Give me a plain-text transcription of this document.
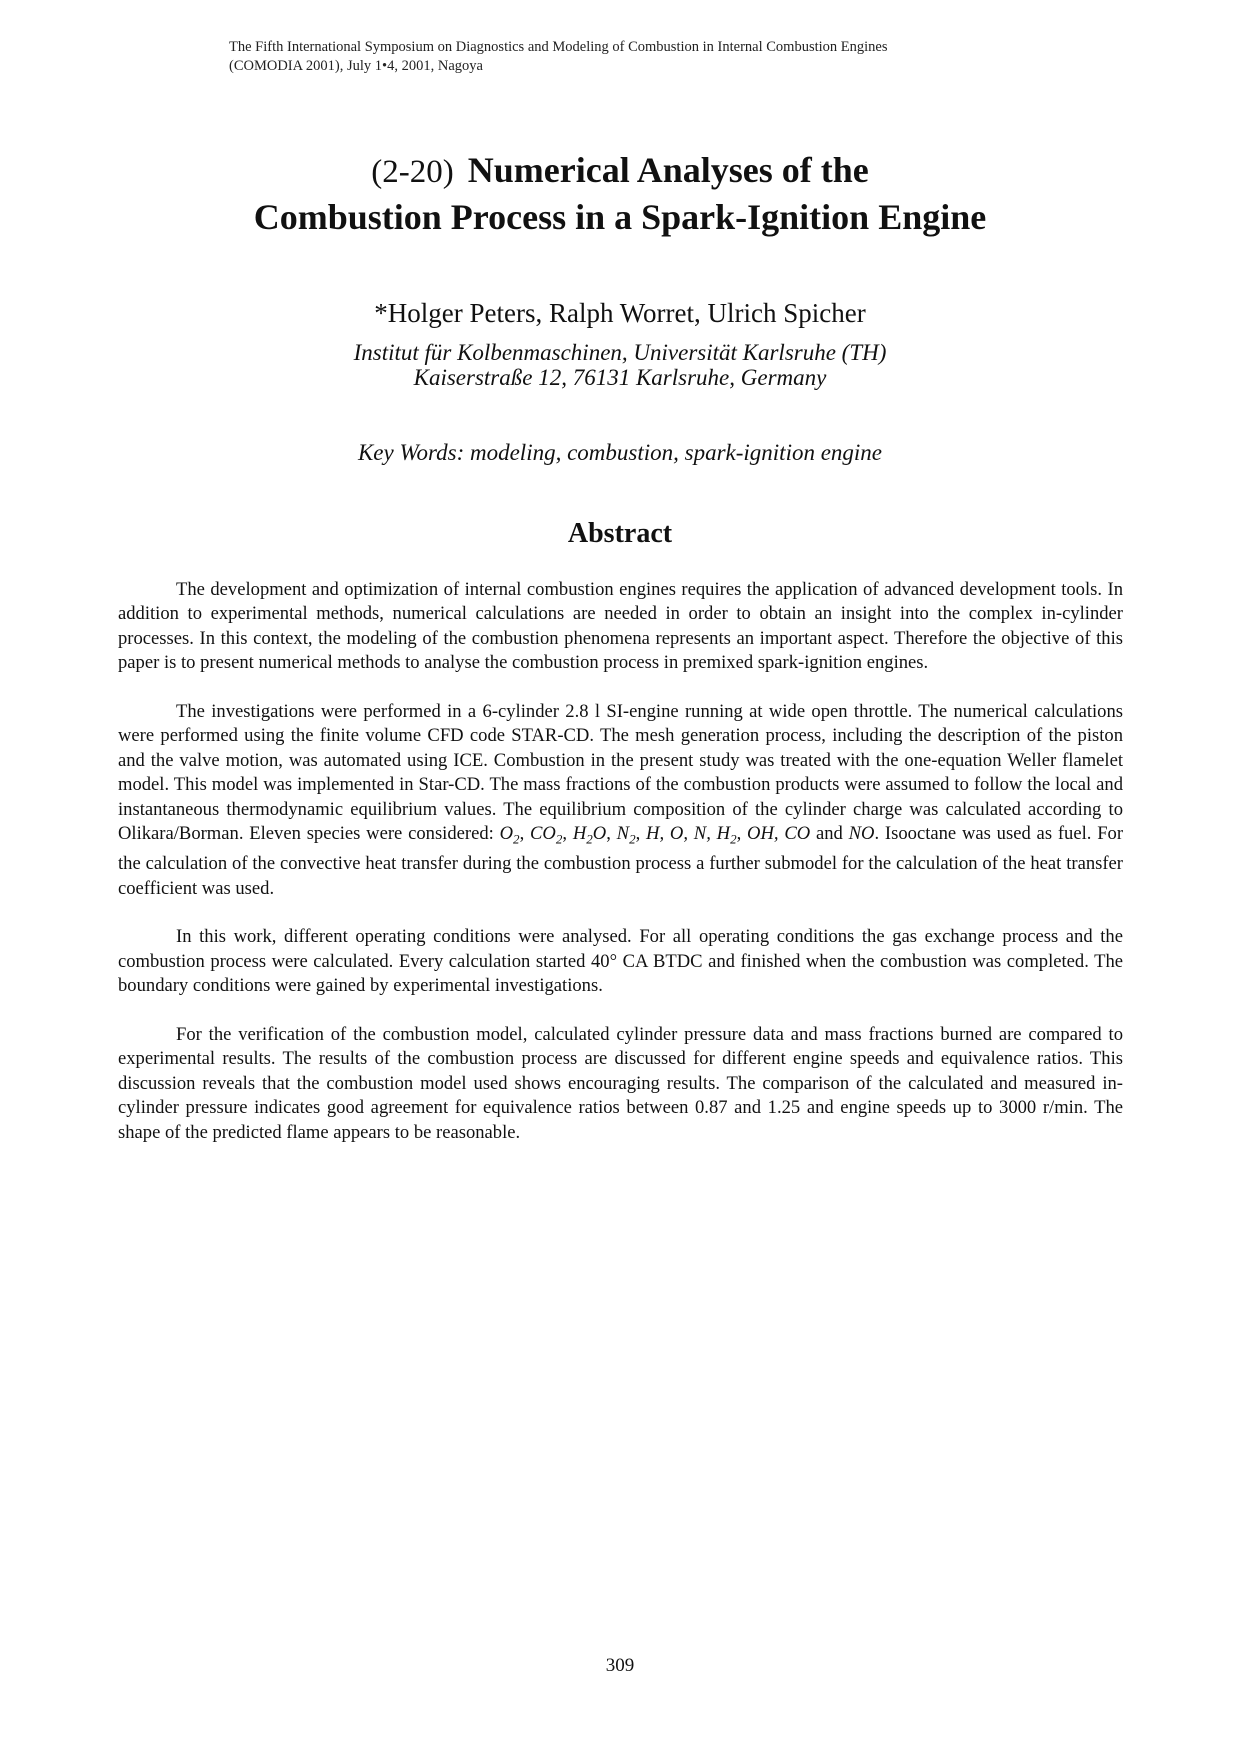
The Fifth International Symposium on Diagnostics and Modeling of Combustion in Internal Combustion Engines
(COMODIA 2001), July 1•4, 2001, Nagoya
(2-20) Numerical Analyses of the
Combustion Process in a Spark-Ignition Engine
*Holger Peters, Ralph Worret, Ulrich Spicher
Institut für Kolbenmaschinen, Universität Karlsruhe (TH)
Kaiserstraße 12, 76131 Karlsruhe, Germany
Key Words: modeling, combustion, spark-ignition engine
Abstract

The development and optimization of internal combustion engines requires the application of advanced development tools. In addition to experimental methods, numerical calculations are needed in order to obtain an insight into the complex in-cylinder processes. In this context, the modeling of the combustion phenomena represents an important aspect. Therefore the objective of this paper is to present numerical methods to analyse the combustion process in premixed spark-ignition engines.

The investigations were performed in a 6-cylinder 2.8 l SI-engine running at wide open throttle. The numerical calculations were performed using the finite volume CFD code STAR-CD. The mesh generation process, including the description of the piston and the valve motion, was automated using ICE. Combustion in the present study was treated with the one-equation Weller flamelet model. This model was implemented in Star-CD. The mass fractions of the combustion products were assumed to follow the local and instantaneous thermodynamic equilibrium values. The equilibrium composition of the cylinder charge was calculated according to Olikara/Borman. Eleven species were considered: $O_2$, $CO_2$, $H_2O$, $N_2$, H, O, N, $H_2$, OH, CO and NO. Isooctane was used as fuel. For the calculation of the convective heat transfer during the combustion process a further submodel for the calculation of the heat transfer coefficient was used.

In this work, different operating conditions were analysed. For all operating conditions the gas exchange process and the combustion process were calculated. Every calculation started 40° CA BTDC and finished when the combustion was completed. The boundary conditions were gained by experimental investigations.

For the verification of the combustion model, calculated cylinder pressure data and mass fractions burned are compared to experimental results. The results of the combustion process are discussed for different engine speeds and equivalence ratios. This discussion reveals that the combustion model used shows encouraging results. The comparison of the calculated and measured in-cylinder pressure indicates good agreement for equivalence ratios between 0.87 and 1.25 and engine speeds up to 3000 r/min. The shape of the predicted flame appears to be reasonable.

309
